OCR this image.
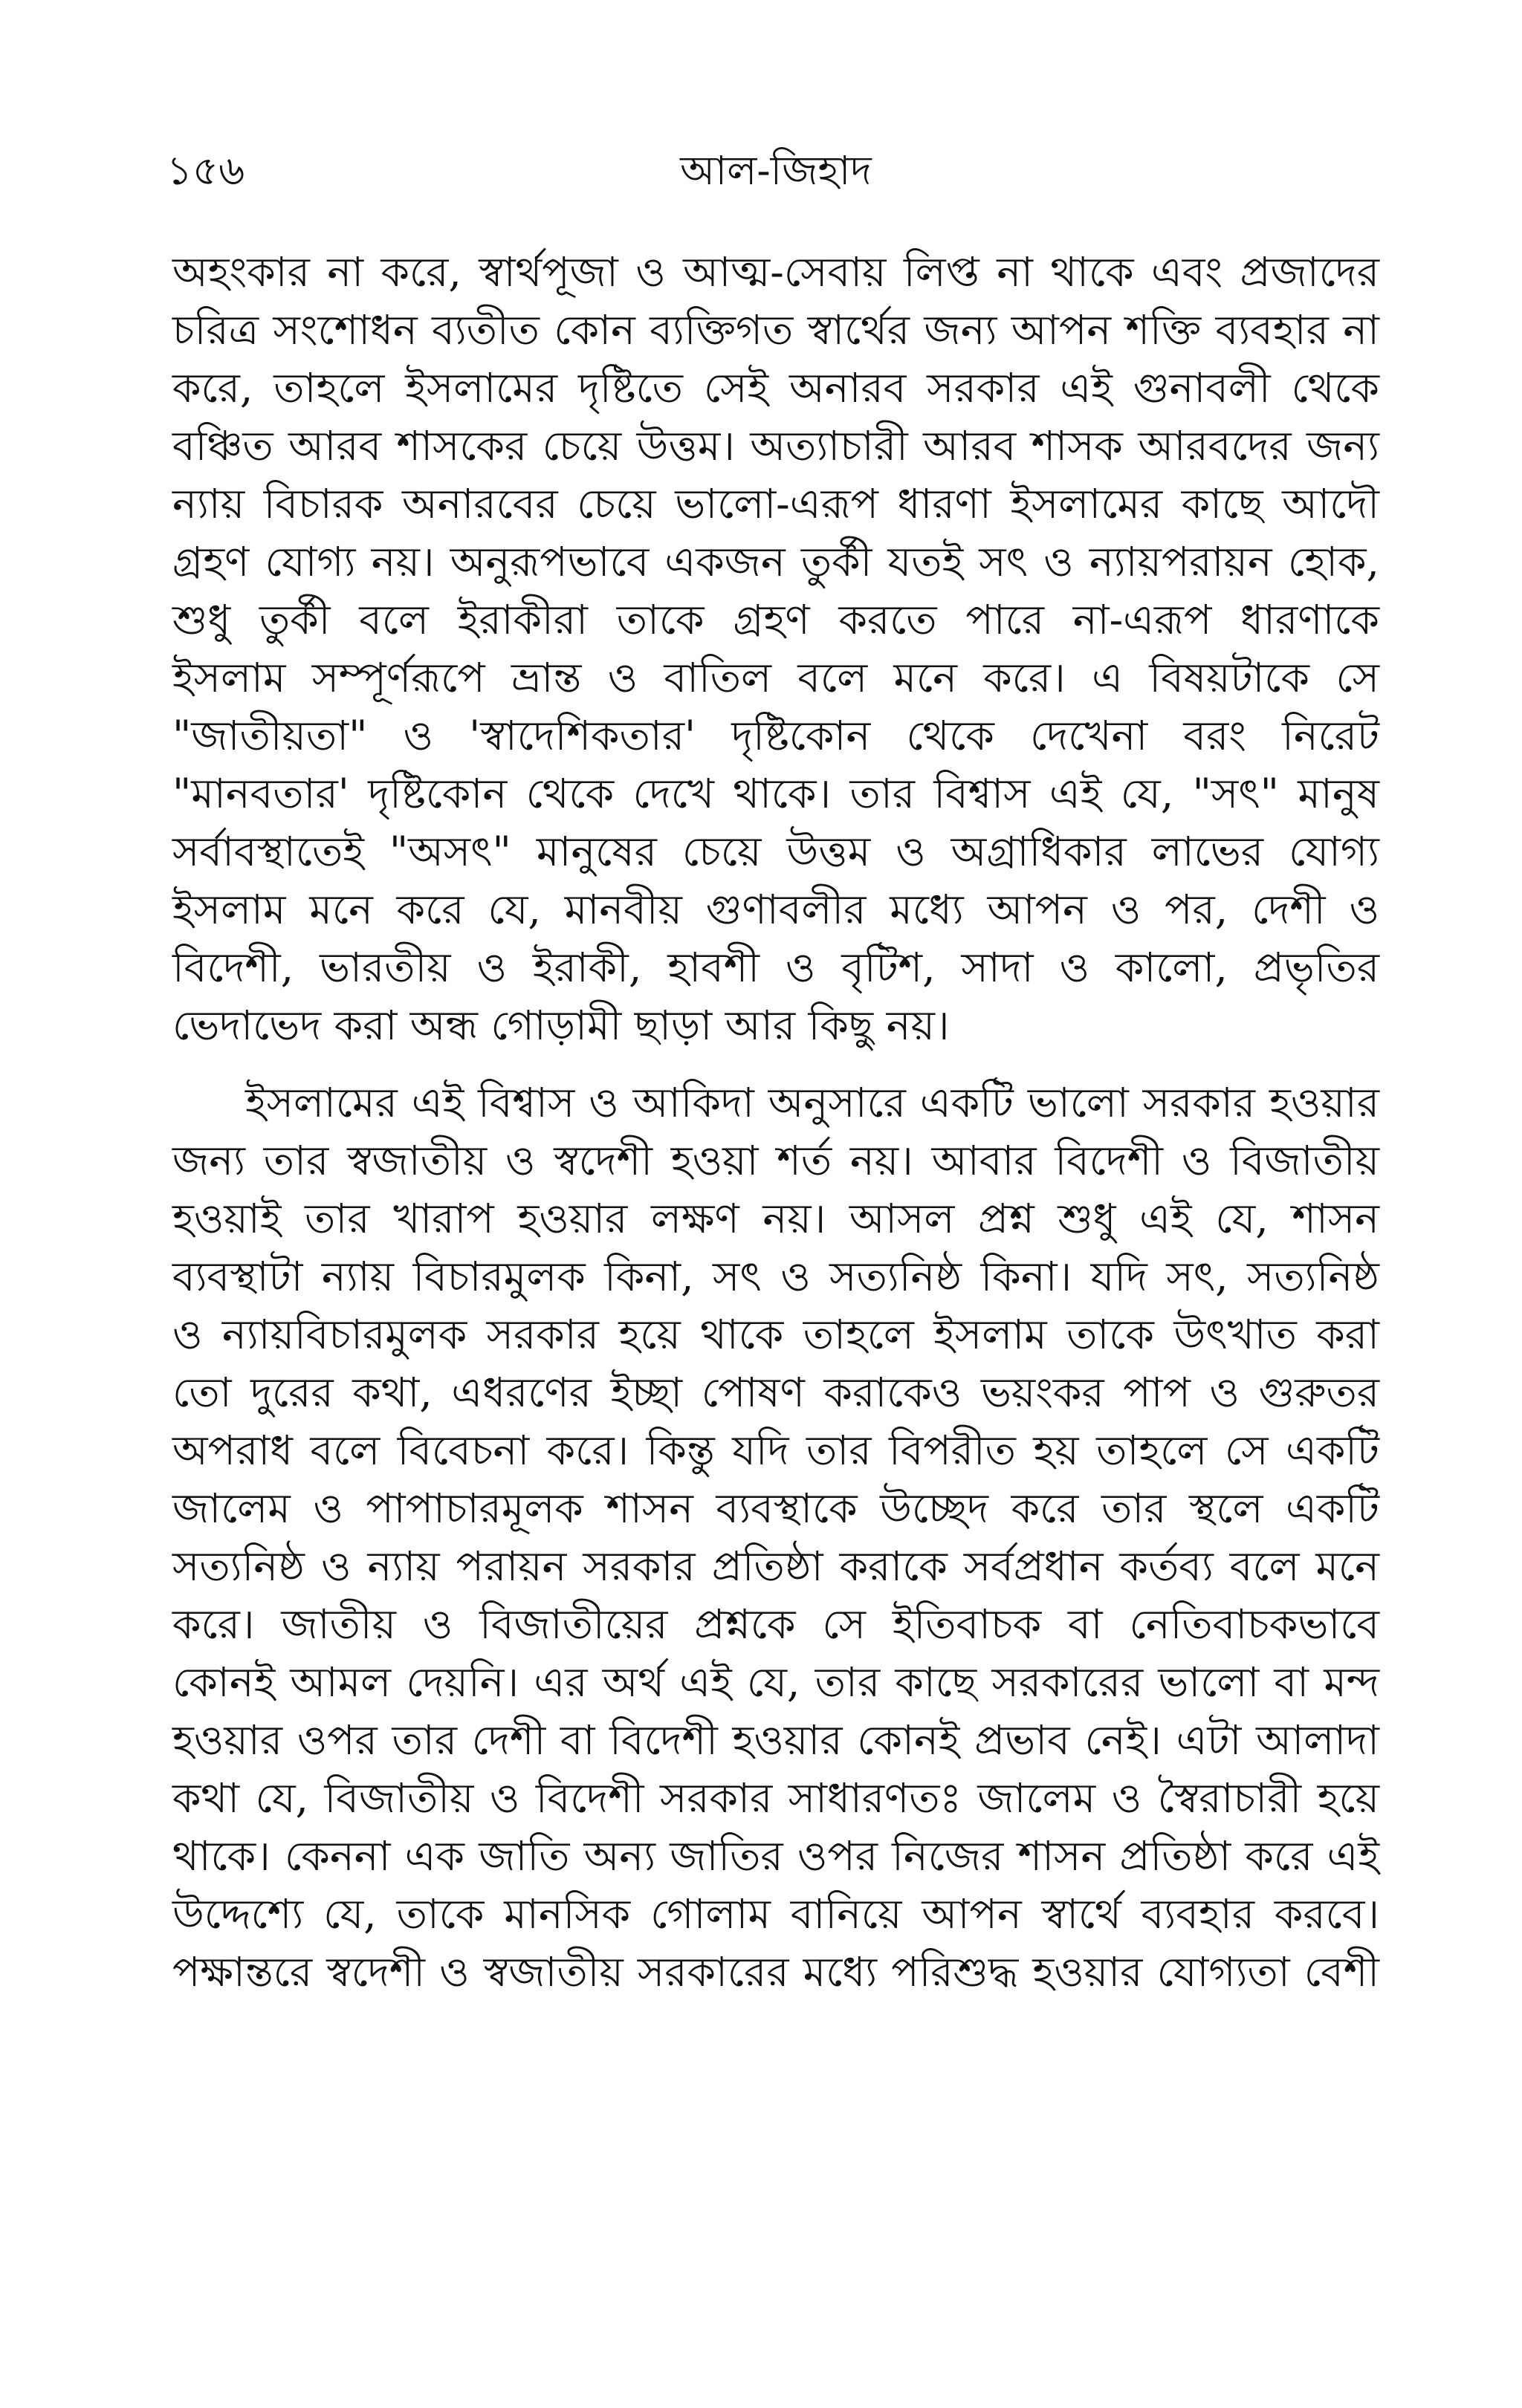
১৫৬	আল-জিহাদ
অহংকার না করে, স্বার্থপূজা ও আত্ম-সেবায় লিপ্ত না থাকে এবং প্রজাদের
চরিত্র সংশোধন ব্যতীত কোন ব্যক্তিগত স্বার্থের জন্য আপন শক্তি ব্যবহার না
করে, তাহলে ইসলামের দৃষ্টিতে সেই অনারব সরকার এই গুনাবলী থেকে
বঞ্চিত আরব শাসকের চেয়ে উত্তম। অত্যাচারী আরব শাসক আরবদের জন্য
ন্যায় বিচারক অনারবের চেয়ে ভালো-এরূপ ধারণা ইসলামের কাছে আদৌ
গ্রহণ যোগ্য নয়। অনুরূপভাবে একজন তুর্কী যতই সৎ ও ন্যায়পরায়ন হোক,
শুধু তুর্কী বলে ইরাকীরা তাকে গ্রহণ করতে পারে না-এরূপ ধারণাকে
ইসলাম সম্পূর্ণরূপে ভ্রান্ত ও বাতিল বলে মনে করে। এ বিষয়টাকে সে
"জাতীয়তা" ও 'স্বাদেশিকতার' দৃষ্টিকোন থেকে দেখেনা বরং নিরেট
"মানবতার' দৃষ্টিকোন থেকে দেখে থাকে। তার বিশ্বাস এই যে, "সৎ" মানুষ
সর্বাবস্থাতেই "অসৎ" মানুষের চেয়ে উত্তম ও অগ্রাধিকার লাভের যোগ্য
ইসলাম মনে করে যে, মানবীয় গুণাবলীর মধ্যে আপন ও পর, দেশী ও
বিদেশী, ভারতীয় ও ইরাকী, হাবশী ও বৃটিশ, সাদা ও কালো, প্রভৃতির
ভেদাভেদ করা অন্ধ গোড়ামী ছাড়া আর কিছু নয়।
ইসলামের এই বিশ্বাস ও আকিদা অনুসারে একটি ভালো সরকার হওয়ার
জন্য তার স্বজাতীয় ও স্বদেশী হওয়া শর্ত নয়। আবার বিদেশী ও বিজাতীয়
হওয়াই তার খারাপ হওয়ার লক্ষণ নয়। আসল প্রশ্ন শুধু এই যে, শাসন
ব্যবস্থাটা ন্যায় বিচারমুলক কিনা, সৎ ও সত্যনিষ্ঠ কিনা। যদি সৎ, সত্যনিষ্ঠ
ও ন্যায়বিচারমুলক সরকার হয়ে থাকে তাহলে ইসলাম তাকে উৎখাত করা
তো দুরের কথা, এধরণের ইচ্ছা পোষণ করাকেও ভয়ংকর পাপ ও গুরুতর
অপরাধ বলে বিবেচনা করে। কিন্তু যদি তার বিপরীত হয় তাহলে সে একটি
জালেম ও পাপাচারমূলক শাসন ব্যবস্থাকে উচ্ছেদ করে তার স্থলে একটি
সত্যনিষ্ঠ ও ন্যায় পরায়ন সরকার প্রতিষ্ঠা করাকে সর্বপ্রধান কর্তব্য বলে মনে
করে। জাতীয় ও বিজাতীয়ের প্রশ্নকে সে ইতিবাচক বা নেতিবাচকভাবে
কোনই আমল দেয়নি। এর অর্থ এই যে, তার কাছে সরকারের ভালো বা মন্দ
হওয়ার ওপর তার দেশী বা বিদেশী হওয়ার কোনই প্রভাব নেই। এটা আলাদা
কথা যে, বিজাতীয় ও বিদেশী সরকার সাধারণতঃ জালেম ও স্বৈরাচারী হয়ে
থাকে। কেননা এক জাতি অন্য জাতির ওপর নিজের শাসন প্রতিষ্ঠা করে এই
উদ্দেশ্যে যে, তাকে মানসিক গোলাম বানিয়ে আপন স্বার্থে ব্যবহার করবে।
পক্ষান্তরে স্বদেশী ও স্বজাতীয় সরকারের মধ্যে পরিশুদ্ধ হওয়ার যোগ্যতা বেশী
